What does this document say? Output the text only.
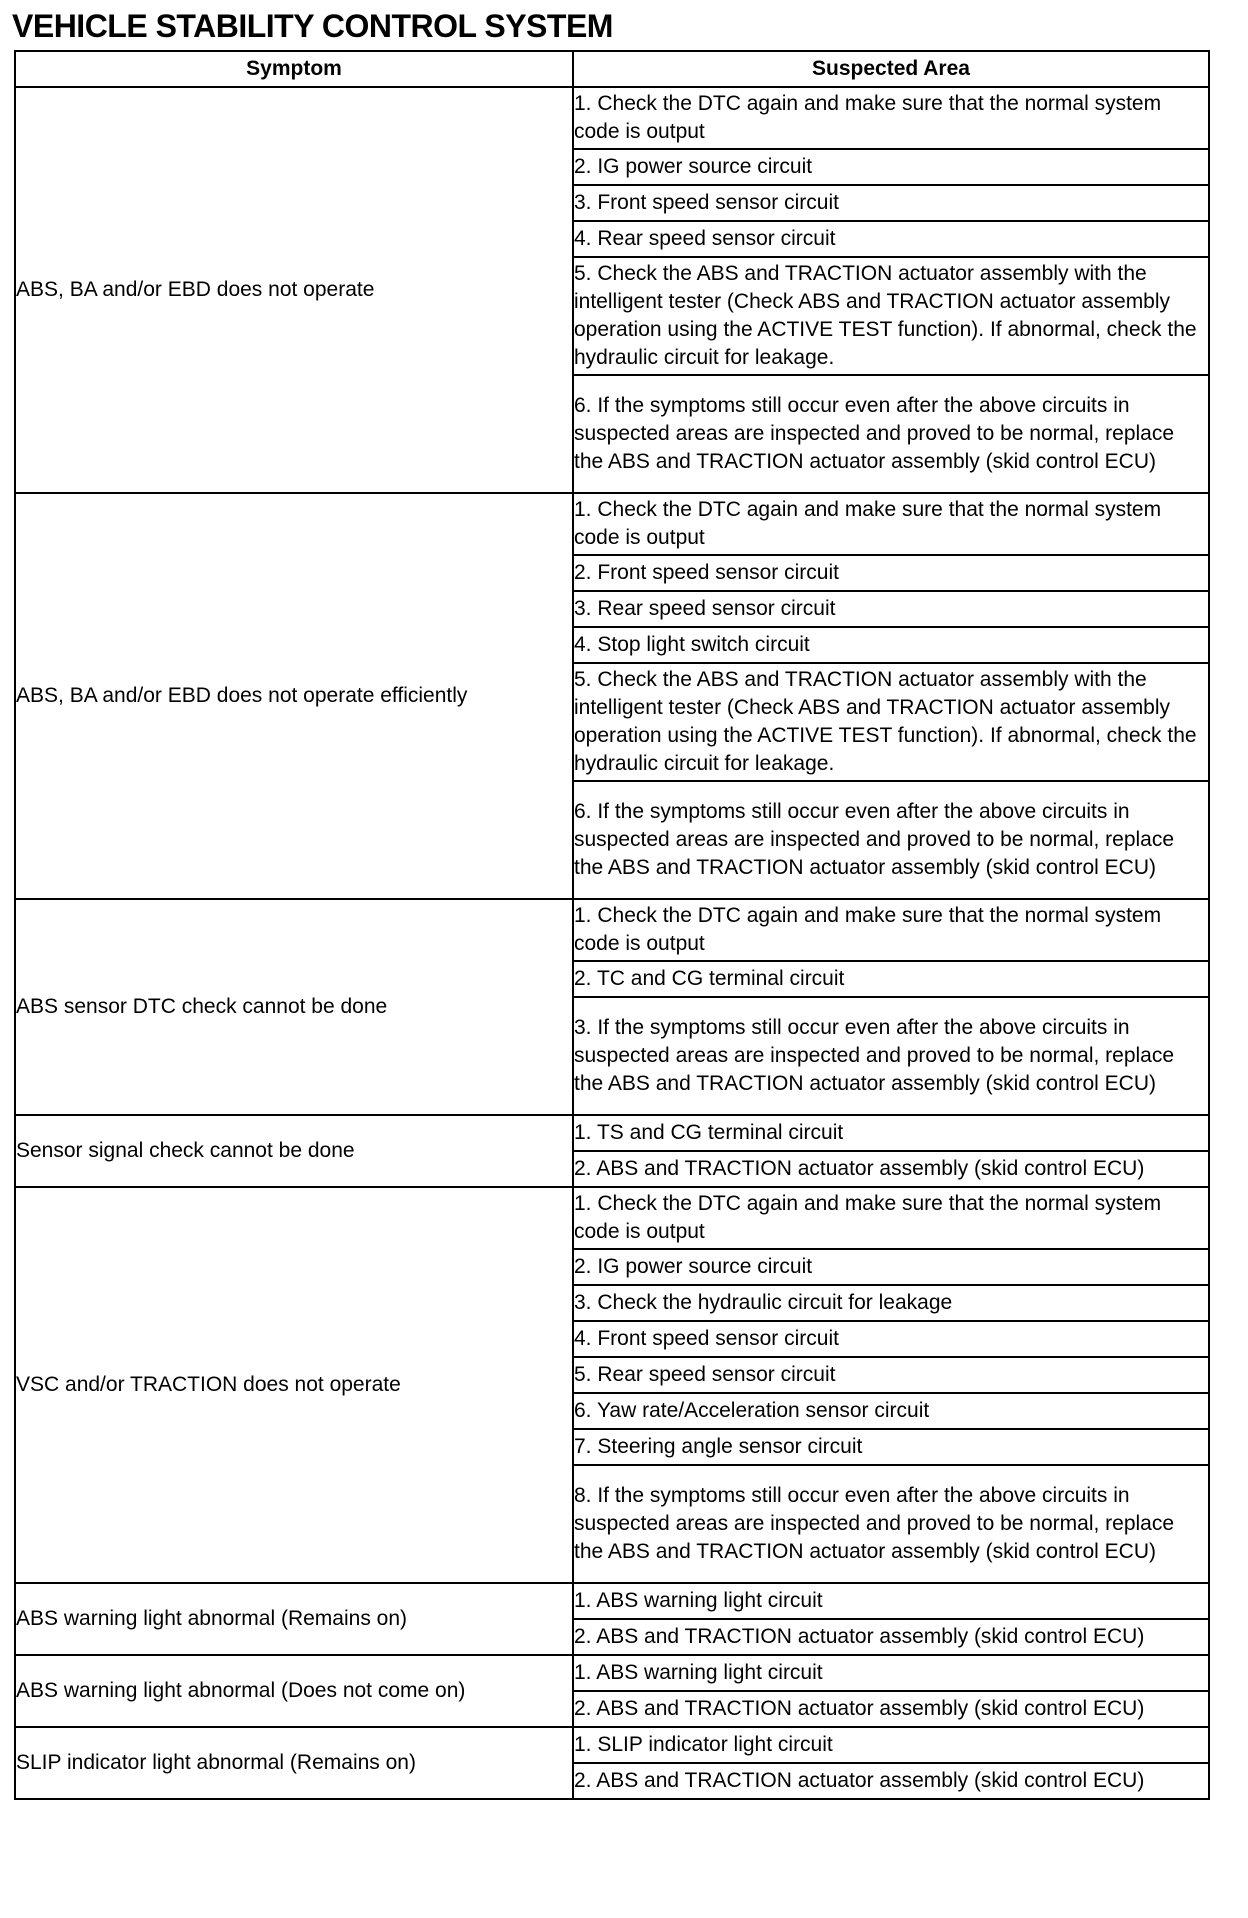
VEHICLE STABILITY CONTROL SYSTEM
Symptom	Suspected Area
ABS, BA and/or EBD does not operate	1. Check the DTC again and make sure that the normal system code is output
	2. IG power source circuit
	3. Front speed sensor circuit
	4. Rear speed sensor circuit
	5. Check the ABS and TRACTION actuator assembly with the intelligent tester (Check ABS and TRACTION actuator assembly operation using the ACTIVE TEST function). If abnormal, check the hydraulic circuit for leakage.
	6. If the symptoms still occur even after the above circuits in suspected areas are inspected and proved to be normal, replace the ABS and TRACTION actuator assembly (skid control ECU)
ABS, BA and/or EBD does not operate efficiently	1. Check the DTC again and make sure that the normal system code is output
	2. Front speed sensor circuit
	3. Rear speed sensor circuit
	4. Stop light switch circuit
	5. Check the ABS and TRACTION actuator assembly with the intelligent tester (Check ABS and TRACTION actuator assembly operation using the ACTIVE TEST function). If abnormal, check the hydraulic circuit for leakage.
	6. If the symptoms still occur even after the above circuits in suspected areas are inspected and proved to be normal, replace the ABS and TRACTION actuator assembly (skid control ECU)
ABS sensor DTC check cannot be done	1. Check the DTC again and make sure that the normal system code is output
	2. TC and CG terminal circuit
	3. If the symptoms still occur even after the above circuits in suspected areas are inspected and proved to be normal, replace the ABS and TRACTION actuator assembly (skid control ECU)
Sensor signal check cannot be done	1. TS and CG terminal circuit
	2. ABS and TRACTION actuator assembly (skid control ECU)
VSC and/or TRACTION does not operate	1. Check the DTC again and make sure that the normal system code is output
	2. IG power source circuit
	3. Check the hydraulic circuit for leakage
	4. Front speed sensor circuit
	5. Rear speed sensor circuit
	6. Yaw rate/Acceleration sensor circuit
	7. Steering angle sensor circuit
	8. If the symptoms still occur even after the above circuits in suspected areas are inspected and proved to be normal, replace the ABS and TRACTION actuator assembly (skid control ECU)
ABS warning light abnormal (Remains on)	1. ABS warning light circuit
	2. ABS and TRACTION actuator assembly (skid control ECU)
ABS warning light abnormal (Does not come on)	1. ABS warning light circuit
	2. ABS and TRACTION actuator assembly (skid control ECU)
SLIP indicator light abnormal (Remains on)	1. SLIP indicator light circuit
	2. ABS and TRACTION actuator assembly (skid control ECU)
